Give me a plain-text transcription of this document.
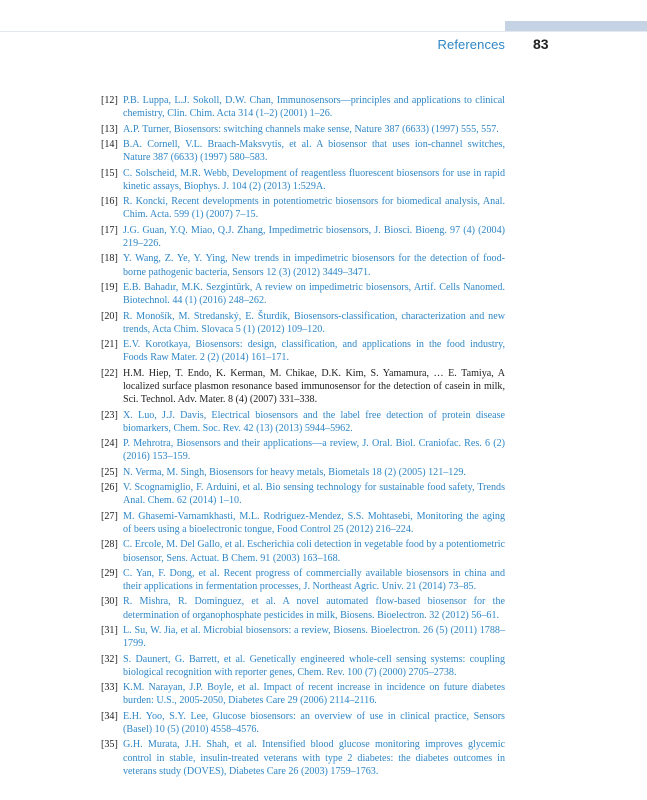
References 83
[12] P.B. Luppa, L.J. Sokoll, D.W. Chan, Immunosensors—principles and applications to clinical chemistry, Clin. Chim. Acta 314 (1–2) (2001) 1–26.
[13] A.P. Turner, Biosensors: switching channels make sense, Nature 387 (6633) (1997) 555, 557.
[14] B.A. Cornell, V.L. Braach-Maksvytis, et al. A biosensor that uses ion-channel switches, Nature 387 (6633) (1997) 580–583.
[15] C. Solscheid, M.R. Webb, Development of reagentless fluorescent biosensors for use in rapid kinetic assays, Biophys. J. 104 (2) (2013) 1:529A.
[16] R. Koncki, Recent developments in potentiometric biosensors for biomedical analysis, Anal. Chim. Acta. 599 (1) (2007) 7–15.
[17] J.G. Guan, Y.Q. Miao, Q.J. Zhang, Impedimetric biosensors, J. Biosci. Bioeng. 97 (4) (2004) 219–226.
[18] Y. Wang, Z. Ye, Y. Ying, New trends in impedimetric biosensors for the detection of food-borne pathogenic bacteria, Sensors 12 (3) (2012) 3449–3471.
[19] E.B. Bahadır, M.K. Sezgintürk, A review on impedimetric biosensors, Artif. Cells Nanomed. Biotechnol. 44 (1) (2016) 248–262.
[20] R. Monošík, M. Stredanský, E. Šturdík, Biosensors-classification, characterization and new trends, Acta Chim. Slovaca 5 (1) (2012) 109–120.
[21] E.V. Korotkaya, Biosensors: design, classification, and applications in the food industry, Foods Raw Mater. 2 (2) (2014) 161–171.
[22] H.M. Hiep, T. Endo, K. Kerman, M. Chikae, D.K. Kim, S. Yamamura, … E. Tamiya, A localized surface plasmon resonance based immunosensor for the detection of casein in milk, Sci. Technol. Adv. Mater. 8 (4) (2007) 331–338.
[23] X. Luo, J.J. Davis, Electrical biosensors and the label free detection of protein disease biomarkers, Chem. Soc. Rev. 42 (13) (2013) 5944–5962.
[24] P. Mehrotra, Biosensors and their applications—a review, J. Oral. Biol. Craniofac. Res. 6 (2) (2016) 153–159.
[25] N. Verma, M. Singh, Biosensors for heavy metals, Biometals 18 (2) (2005) 121–129.
[26] V. Scognamiglio, F. Arduini, et al. Bio sensing technology for sustainable food safety, Trends Anal. Chem. 62 (2014) 1–10.
[27] M. Ghasemi-Varnamkhasti, M.L. Rodriguez-Mendez, S.S. Mohtasebi, Monitoring the aging of beers using a bioelectronic tongue, Food Control 25 (2012) 216–224.
[28] C. Ercole, M. Del Gallo, et al. Escherichia coli detection in vegetable food by a potentiometric biosensor, Sens. Actuat. B Chem. 91 (2003) 163–168.
[29] C. Yan, F. Dong, et al. Recent progress of commercially available biosensors in china and their applications in fermentation processes, J. Northeast Agric. Univ. 21 (2014) 73–85.
[30] R. Mishra, R. Dominguez, et al. A novel automated flow-based biosensor for the determination of organophosphate pesticides in milk, Biosens. Bioelectron. 32 (2012) 56–61.
[31] L. Su, W. Jia, et al. Microbial biosensors: a review, Biosens. Bioelectron. 26 (5) (2011) 1788–1799.
[32] S. Daunert, G. Barrett, et al. Genetically engineered whole-cell sensing systems: coupling biological recognition with reporter genes, Chem. Rev. 100 (7) (2000) 2705–2738.
[33] K.M. Narayan, J.P. Boyle, et al. Impact of recent increase in incidence on future diabetes burden: U.S., 2005-2050, Diabetes Care 29 (2006) 2114–2116.
[34] E.H. Yoo, S.Y. Lee, Glucose biosensors: an overview of use in clinical practice, Sensors (Basel) 10 (5) (2010) 4558–4576.
[35] G.H. Murata, J.H. Shah, et al. Intensified blood glucose monitoring improves glycemic control in stable, insulin-treated veterans with type 2 diabetes: the diabetes outcomes in veterans study (DOVES), Diabetes Care 26 (2003) 1759–1763.
